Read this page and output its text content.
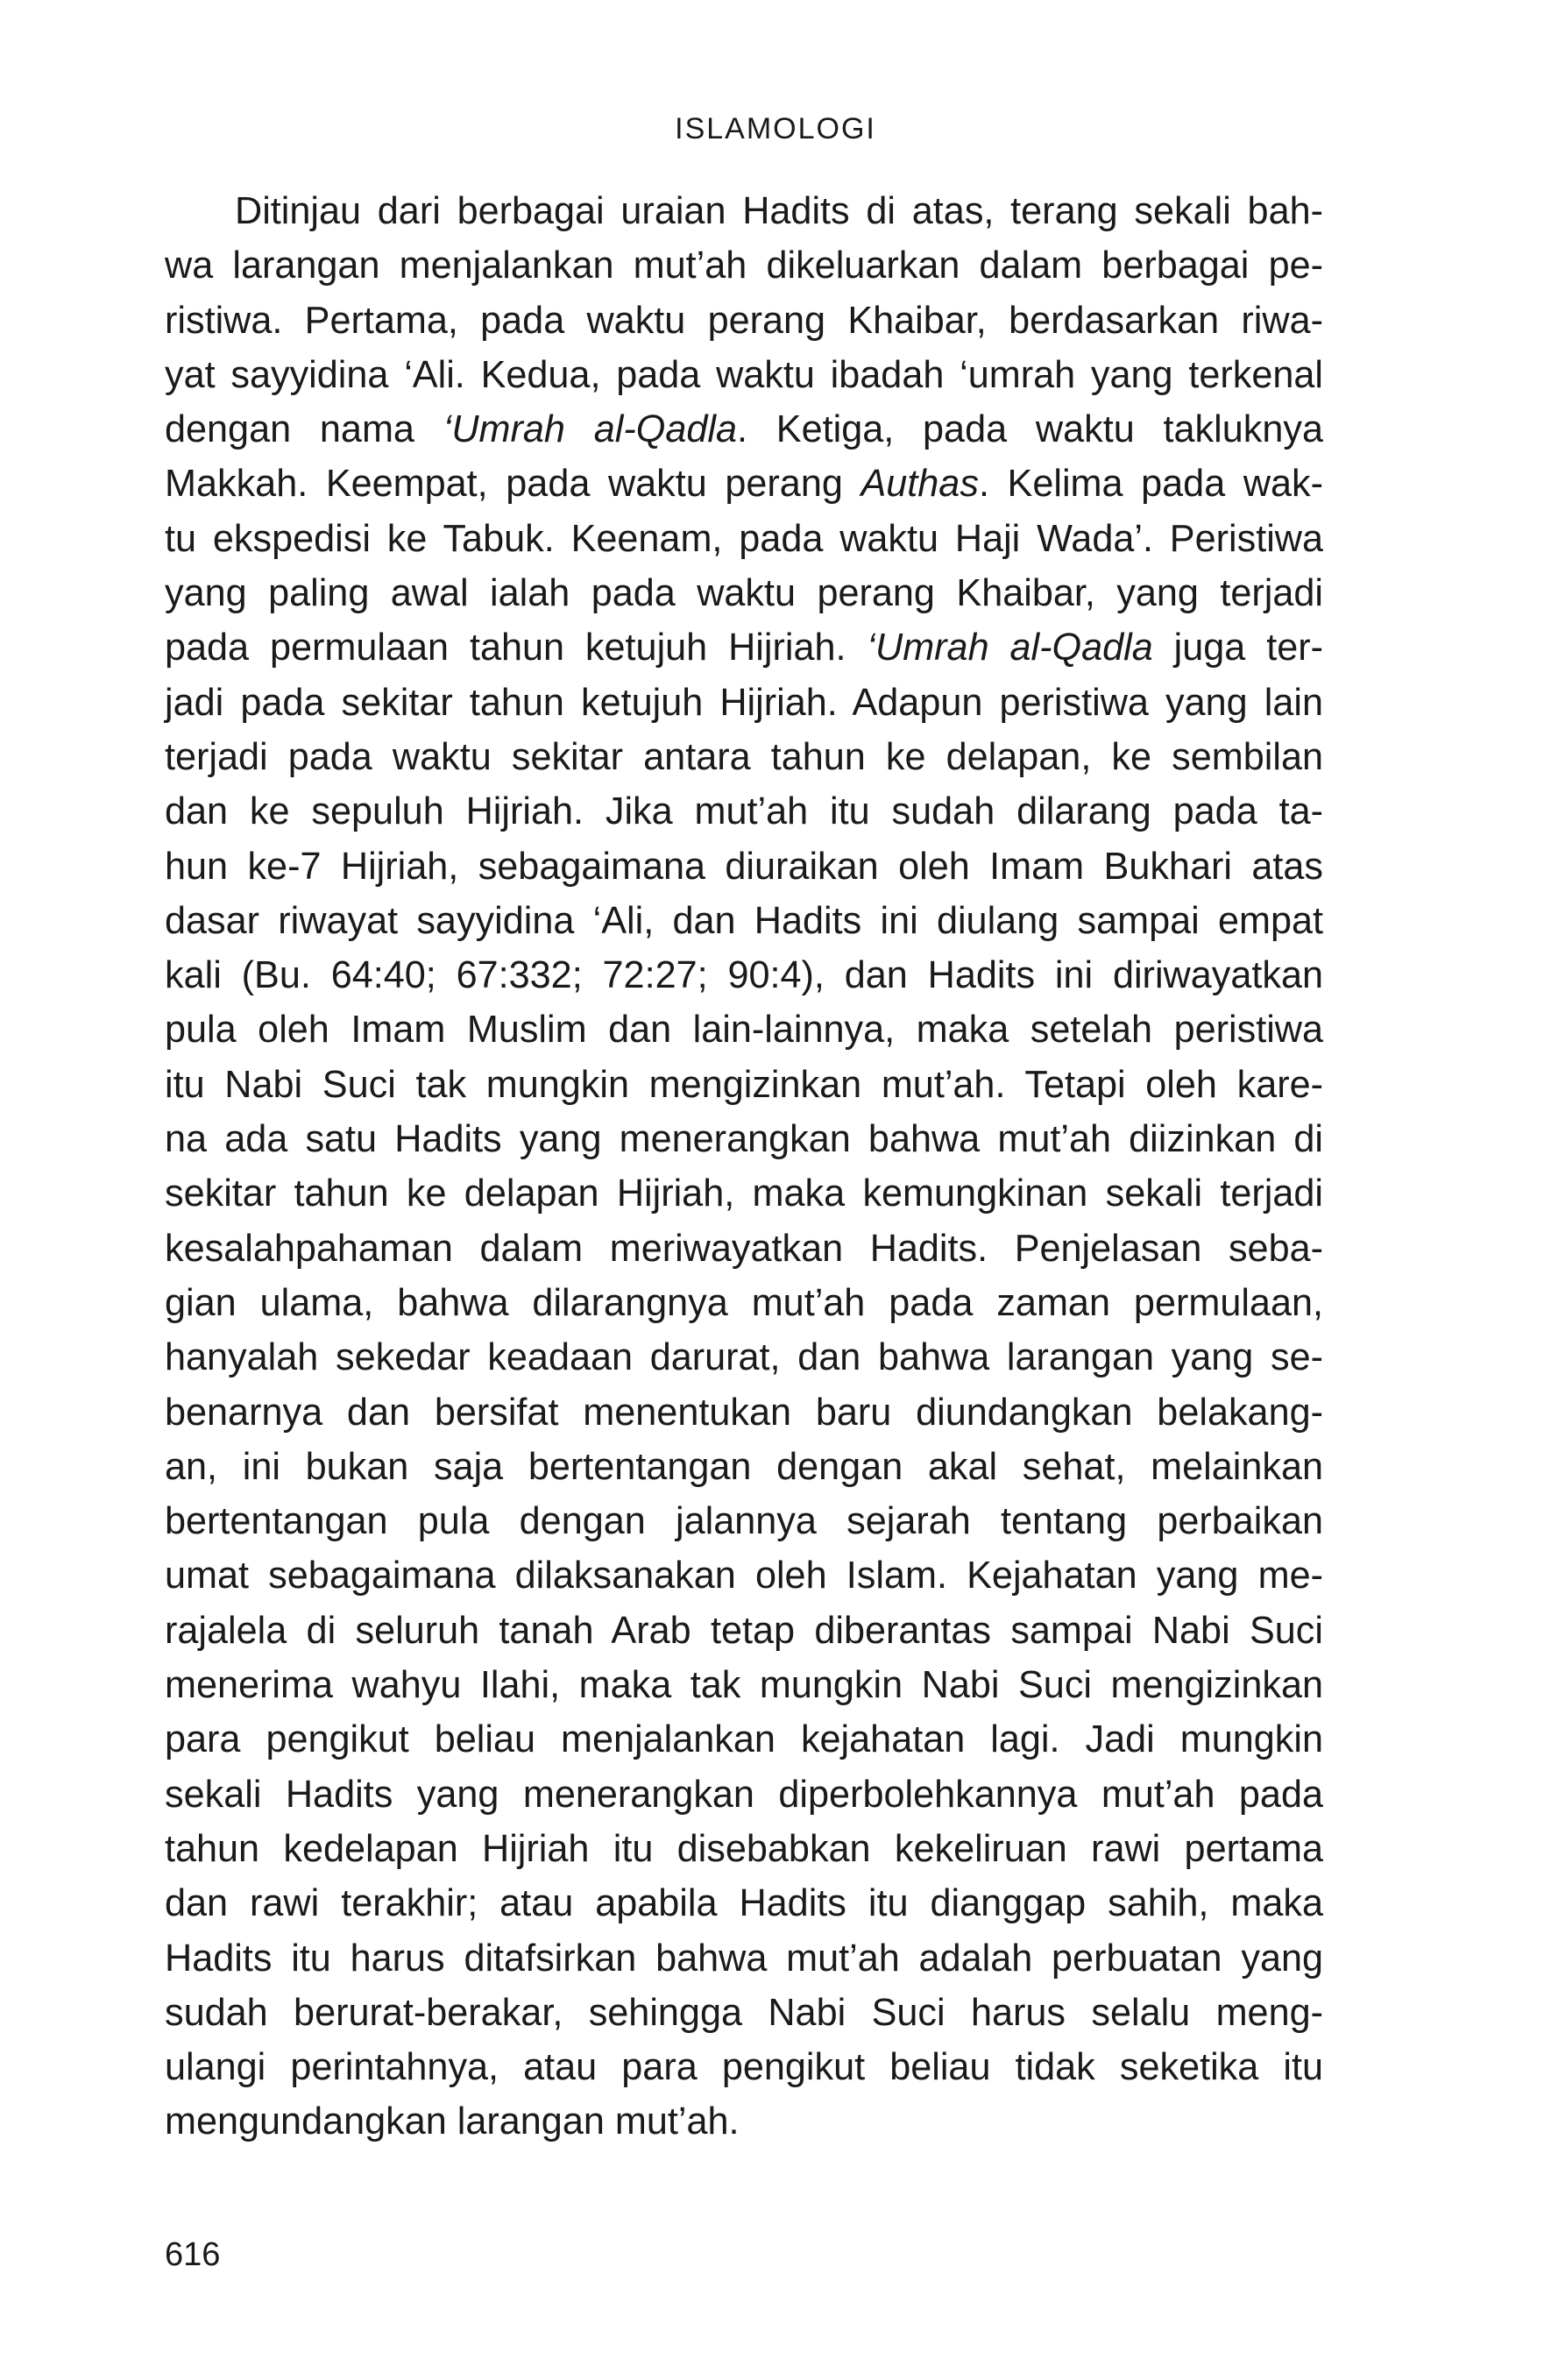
ISLAMOLOGI
Ditinjau dari berbagai uraian Hadits di atas, terang sekali bah-
wa larangan menjalankan mut’ah dikeluarkan dalam berbagai pe-
ristiwa. Pertama, pada waktu perang Khaibar, berdasarkan riwa-
yat sayyidina ‘Ali. Kedua, pada waktu ibadah ‘umrah yang terkenal
dengan nama ‘Umrah al-Qadla. Ketiga, pada waktu takluknya
Makkah. Keempat, pada waktu perang Authas. Kelima pada wak-
tu ekspedisi ke Tabuk. Keenam, pada waktu Haji Wada’. Peristiwa
yang paling awal ialah pada waktu perang Khaibar, yang terjadi
pada permulaan tahun ketujuh Hijriah. ‘Umrah al-Qadla juga ter-
jadi pada sekitar tahun ketujuh Hijriah. Adapun peristiwa yang lain
terjadi pada waktu sekitar antara tahun ke delapan, ke sembilan
dan ke sepuluh Hijriah. Jika mut’ah itu sudah dilarang pada ta-
hun ke-7 Hijriah, sebagaimana diuraikan oleh Imam Bukhari atas
dasar riwayat sayyidina ‘Ali, dan Hadits ini diulang sampai empat
kali (Bu. 64:40; 67:332; 72:27; 90:4), dan Hadits ini diriwayatkan
pula oleh Imam Muslim dan lain-lainnya, maka setelah peristiwa
itu Nabi Suci tak mungkin mengizinkan mut’ah. Tetapi oleh kare-
na ada satu Hadits yang menerangkan bahwa mut’ah diizinkan di
sekitar tahun ke delapan Hijriah, maka kemungkinan sekali terjadi
kesalahpahaman dalam meriwayatkan Hadits. Penjelasan seba-
gian ulama, bahwa dilarangnya mut’ah pada zaman permulaan,
hanyalah sekedar keadaan darurat, dan bahwa larangan yang se-
benarnya dan bersifat menentukan baru diundangkan belakang-
an, ini bukan saja bertentangan dengan akal sehat, melainkan
bertentangan pula dengan jalannya sejarah tentang perbaikan
umat sebagaimana dilaksanakan oleh Islam. Kejahatan yang me-
rajalela di seluruh tanah Arab tetap diberantas sampai Nabi Suci
menerima wahyu Ilahi, maka tak mungkin Nabi Suci mengizinkan
para pengikut beliau menjalankan kejahatan lagi. Jadi mungkin
sekali Hadits yang menerangkan diperbolehkannya mut’ah pada
tahun kedelapan Hijriah itu disebabkan kekeliruan rawi pertama
dan rawi terakhir; atau apabila Hadits itu dianggap sahih, maka
Hadits itu harus ditafsirkan bahwa mut’ah adalah perbuatan yang
sudah berurat-berakar, sehingga Nabi Suci harus selalu meng-
ulangi perintahnya, atau para pengikut beliau tidak seketika itu
mengundangkan larangan mut’ah.
616
